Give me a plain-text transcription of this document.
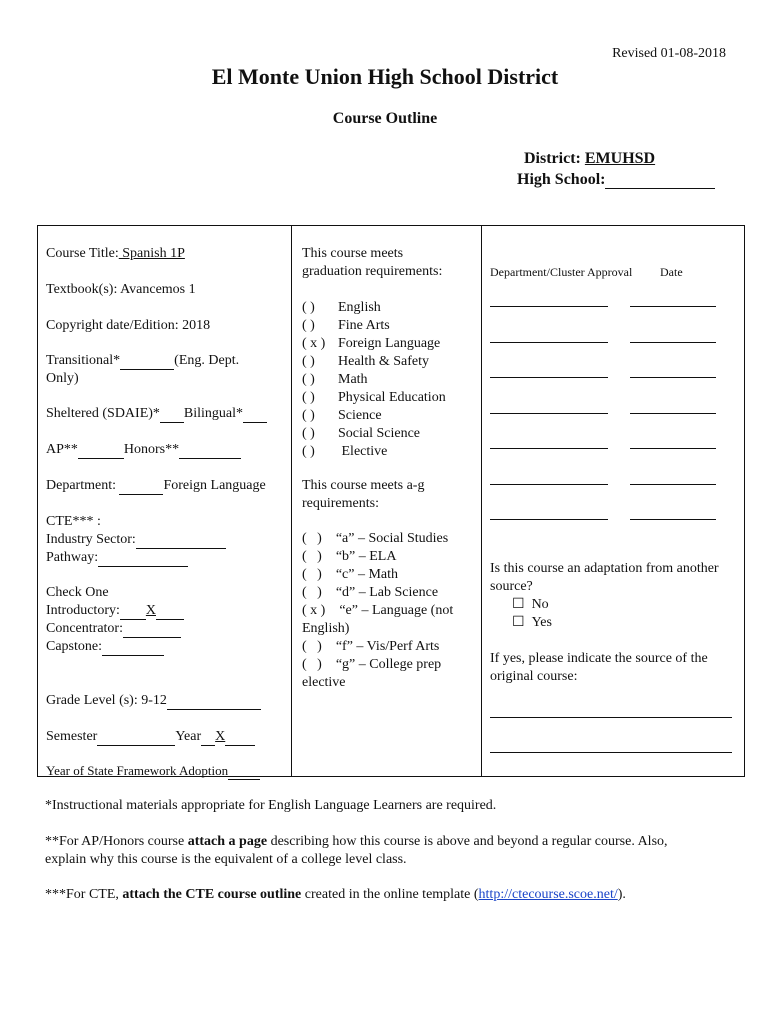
Revised 01-08-2018
El Monte Union High School District
Course Outline
District: EMUHSD
High School:
Course Title: Spanish 1P
Textbook(s): Avancemos 1
Copyright date/Edition: 2018
Transitional*	(Eng. Dept.
Only)
Sheltered (SDAIE)* Bilingual*
AP**	Honors**
Department:	Foreign Language
CTE*** :
Industry Sector:
Pathway:
Check One
Introductory: X
Concentrator:
Capstone:
Grade Level (s): 9-12
Semester	Year X
Year of State Framework Adoption
This course meets
graduation requirements:
( ) English
( ) Fine Arts
( x ) Foreign Language
( ) Health & Safety
( ) Math
( ) Physical Education
( ) Science
( ) Social Science
( ) Elective
This course meets a-g
requirements:
(   )    “a” – Social Studies
(   )    “b” – ELA
(   )    “c” – Math
(   )    “d” – Lab Science
( x )    “e” – Language (not
English)
(   )    “f” – Vis/Perf Arts
(   )    “g” – College prep
elective
Department/Cluster Approval Date
Is this course an adaptation from another
source?
☐ No
☐ Yes
If yes, please indicate the source of the
original course:
*Instructional materials appropriate for English Language Learners are required.
**For AP/Honors course attach a page describing how this course is above and beyond a regular course. Also,
explain why this course is the equivalent of a college level class.
***For CTE, attach the CTE course outline created in the online template (http://ctecourse.scoe.net/).
